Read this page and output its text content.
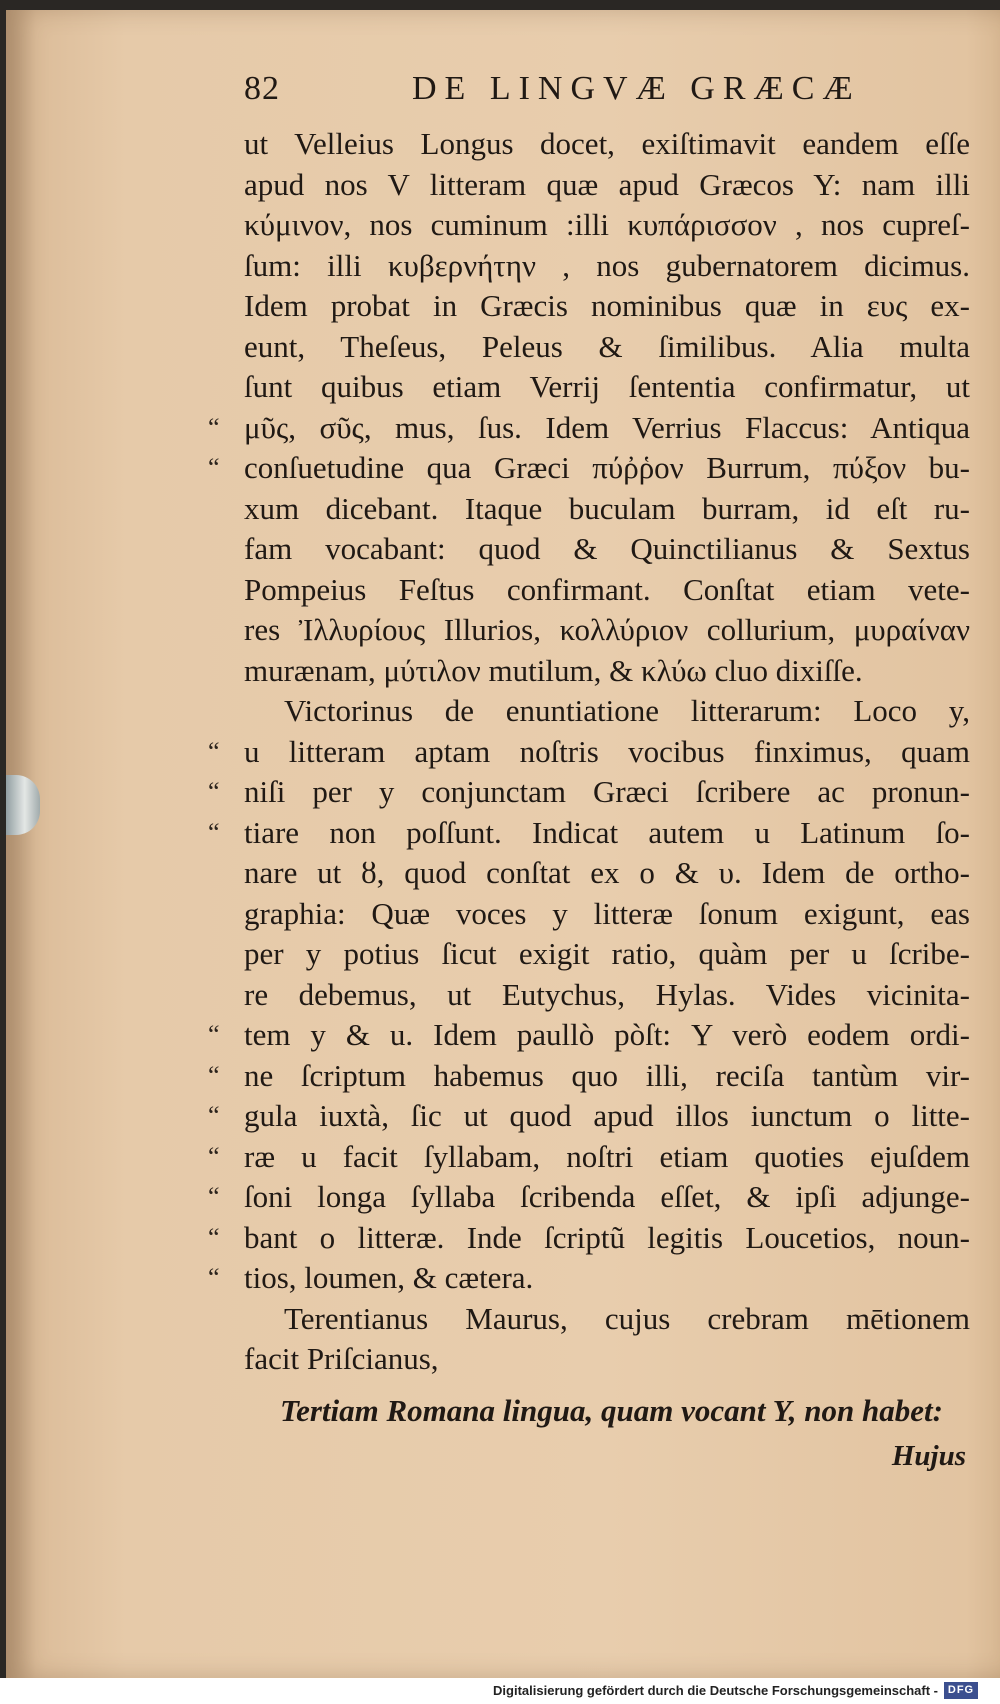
82	DE LINGVÆ GRÆCÆ
ut Velleius Longus docet, exiſtimavit eandem eſſe
apud nos V litteram quæ apud Græcos Y: nam illi
κύμινον, nos cuminum :illi κυπάρισσον , nos cupreſ-
ſum: illi κυβερνήτην , nos gubernatorem dicimus.
Idem probat in Græcis nominibus quæ in ευς ex-
eunt, Theſeus, Peleus & ſimilibus. Alia multa
ſunt quibus etiam Verrij ſententia confirmatur, ut
“ μῦς, σῦς, mus, ſus. Idem Verrius Flaccus: Antiqua
“ conſuetudine qua Græci πύῤῥον Burrum, πύξον bu-
xum dicebant. Itaque buculam burram, id eſt ru-
fam vocabant: quod & Quinctilianus & Sextus
Pompeius Feſtus confirmant. Conſtat etiam vete-
res Ἰλλυρίους Illurios, κολλύριον collurium, μυραίναν
murænam, μύτιλον mutilum, & κλύω cluo dixiſſe.
Victorinus de enuntiatione litterarum: Loco y,
“ u litteram aptam noſtris vocibus finximus, quam
“ niſi per y conjunctam Græci ſcribere ac pronun-
“ tiare non poſſunt. Indicat autem u Latinum ſo-
nare ut ȣ, quod conſtat ex ο & υ. Idem de ortho-
graphia: Quæ voces y litteræ ſonum exigunt, eas
per y potius ſicut exigit ratio, quàm per u ſcribe-
re debemus, ut Eutychus, Hylas. Vides vicinita-
“ tem y & u. Idem paullò pòſt: Υ verò eodem ordi-
“ ne ſcriptum habemus quo illi, reciſa tantùm vir-
“ gula iuxtà, ſic ut quod apud illos iunctum ο litte-
“ ræ u facit ſyllabam, noſtri etiam quoties ejuſdem
“ ſoni longa ſyllaba ſcribenda eſſet, & ipſi adjunge-
“ bant ο litteræ. Inde ſcriptũ legitis Loucetios, noun-
“ tios, loumen, & cætera.
Terentianus Maurus, cujus crebram mētionem
facit Priſcianus,
Tertiam Romana lingua, quam vocant Y, non habet:
Hujus
Digitalisierung gefördert durch die Deutsche Forschungsgemeinschaft - DFG
